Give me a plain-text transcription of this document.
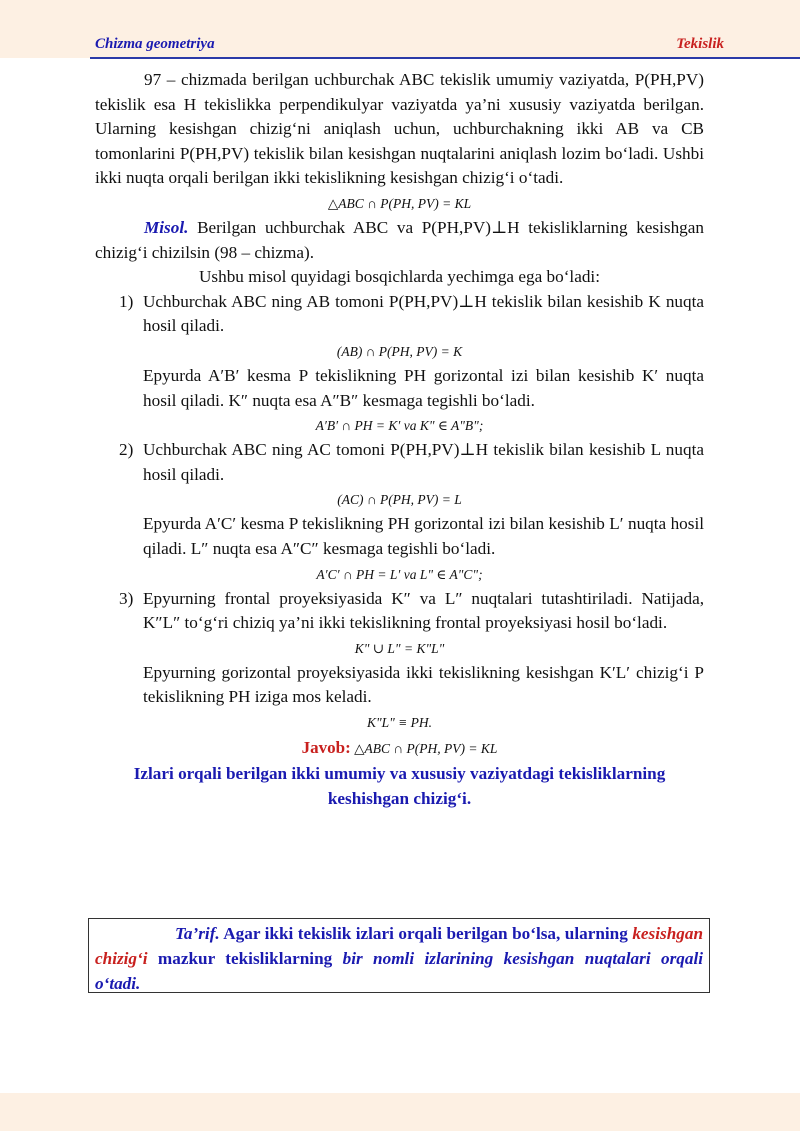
Chizma geometriya	Tekislik

97 – chizmada berilgan uchburchak ABC tekislik umumiy vaziyatda, P(PH,PV) tekislik esa H tekislikka perpendikulyar vaziyatda ya’ni xususiy vaziyatda berilgan. Ularning kesishgan chizig‘ni aniqlash uchun, uchburchakning ikki AB va CB tomonlarini P(PH,PV) tekislik bilan kesishgan nuqtalarini aniqlash lozim bo‘ladi. Ushbi ikki nuqta orqali berilgan ikki tekislikning kesishgan chizig‘i o‘tadi.

△ABC ∩ P(PH, PV) = KL

Misol. Berilgan uchburchak ABC va P(PH,PV)⊥H tekisliklarning kesishgan chizig‘i chizilsin (98 – chizma).

Ushbu misol quyidagi bosqichlarda yechimga ega bo‘ladi:

1) Uchburchak ABC ning AB tomoni P(PH,PV)⊥H tekislik bilan kesishib K nuqta hosil qiladi.

(AB) ∩ P(PH, PV) = K

Epyurda A′B′ kesma P tekislikning PH gorizontal izi bilan kesishib K′ nuqta hosil qiladi. K″ nuqta esa A″B″ kesmaga tegishli bo‘ladi.

A′B′ ∩ PH = K′ va K" ∈ A"B";

2) Uchburchak ABC ning AC tomoni P(PH,PV)⊥H tekislik bilan kesishib L nuqta hosil qiladi.

(AC) ∩ P(PH, PV) = L

Epyurda A′C′ kesma P tekislikning PH gorizontal izi bilan kesishib L′ nuqta hosil qiladi. L″ nuqta esa A″C″ kesmaga tegishli bo‘ladi.

A′C′ ∩ PH = L′ va L" ∈ A"C";

3) Epyurning frontal proyeksiyasida K″ va L″ nuqtalari tutashtiriladi. Natijada, K″L″ to‘g‘ri chiziq ya’ni ikki tekislikning frontal proyeksiyasi hosil bo‘ladi.

K" ∪ L" = K"L"

Epyurning gorizontal proyeksiyasida ikki tekislikning kesishgan K′L′ chizig‘i P tekislikning PH iziga mos keladi.

K"L" ≡ PH.

Javob: △ABC ∩ P(PH, PV) = KL

Izlari orqali berilgan ikki umumiy va xususiy vaziyatdagi tekisliklarning keshishgan chizig‘i.

Ta’rif. Agar ikki tekislik izlari orqali berilgan bo‘lsa, ularning kesishgan chizig‘i mazkur tekisliklarning bir nomli izlarining kesishgan nuqtalari orqali o‘tadi.
